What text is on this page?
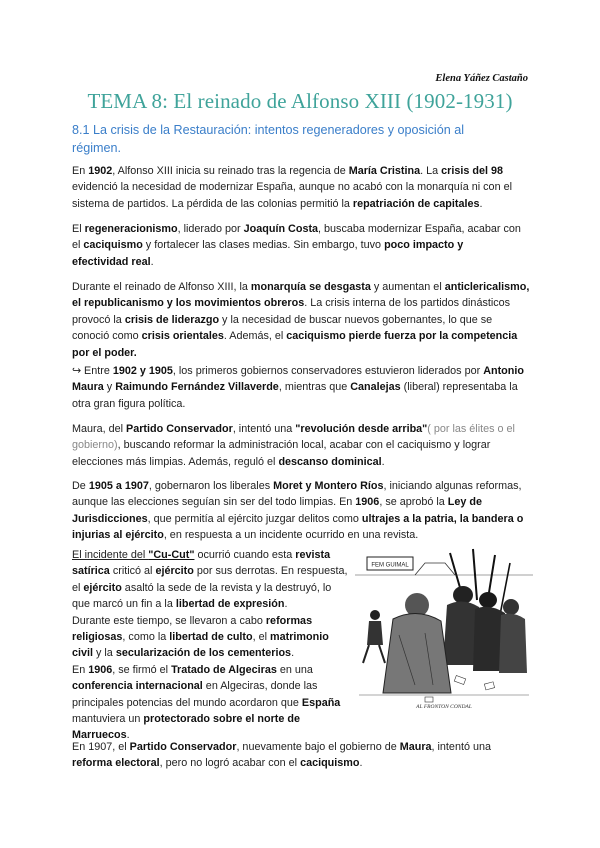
Elena Yáñez Castaño
TEMA 8: El reinado de Alfonso XIII (1902-1931)
8.1 La crisis de la Restauración: intentos regeneradores y oposición al régimen.

En 1902, Alfonso XIII inicia su reinado tras la regencia de María Cristina. La crisis del 98 evidenció la necesidad de modernizar España, aunque no acabó con la monarquía ni con el sistema de partidos. La pérdida de las colonias permitió la repatriación de capitales.

El regeneracionismo, liderado por Joaquín Costa, buscaba modernizar España, acabar con el caciquismo y fortalecer las clases medias. Sin embargo, tuvo poco impacto y
efectividad real.

Durante el reinado de Alfonso XIII, la monarquía se desgasta y aumentan el anticlericalismo, el republicanismo y los movimientos obreros. La crisis interna de los partidos dinásticos provocó la crisis de liderazgo y la necesidad de buscar nuevos gobernantes, lo que se conoció como crisis orientales. Además, el caciquismo pierde fuerza por la competencia por el poder.

↪ Entre 1902 y 1905, los primeros gobiernos conservadores estuvieron liderados por Antonio Maura y Raimundo Fernández Villaverde, mientras que Canalejas (liberal) representaba la otra gran figura política.

Maura, del Partido Conservador, intentó una "revolución desde arriba"( por las élites o el gobierno), buscando reformar la administración local, acabar con el caciquismo y lograr elecciones más limpias. Además, reguló el descanso dominical.

De 1905 a 1907, gobernaron los liberales Moret y Montero Ríos, iniciando algunas reformas, aunque las elecciones seguían sin ser del todo limpias. En 1906, se aprobó la Ley de Jurisdicciones, que permitía al ejército juzgar delitos como ultrajes a la patria, la bandera o injurias al ejército, en respuesta a un incidente ocurrido en una revista.

El incidente del "Cu-Cut" ocurrió cuando esta revista satírica criticó al ejército por sus derrotas. En respuesta, el ejército asaltó la sede de la revista y la destruyó, lo que marcó un fin a la libertad de expresión.
Durante este tiempo, se llevaron a cabo reformas religiosas, como la libertad de culto, el matrimonio civil y la secularización de los cementerios.
En 1906, se firmó el Tratado de Algeciras en una conferencia internacional en Algeciras, donde las principales potencias del mundo acordaron que España mantuviera un protectorado sobre el norte de Marruecos.

FEM GUIMAL
AL FRONTON CONDAL

En 1907, el Partido Conservador, nuevamente bajo el gobierno de Maura, intentó una reforma electoral, pero no logró acabar con el caciquismo.
